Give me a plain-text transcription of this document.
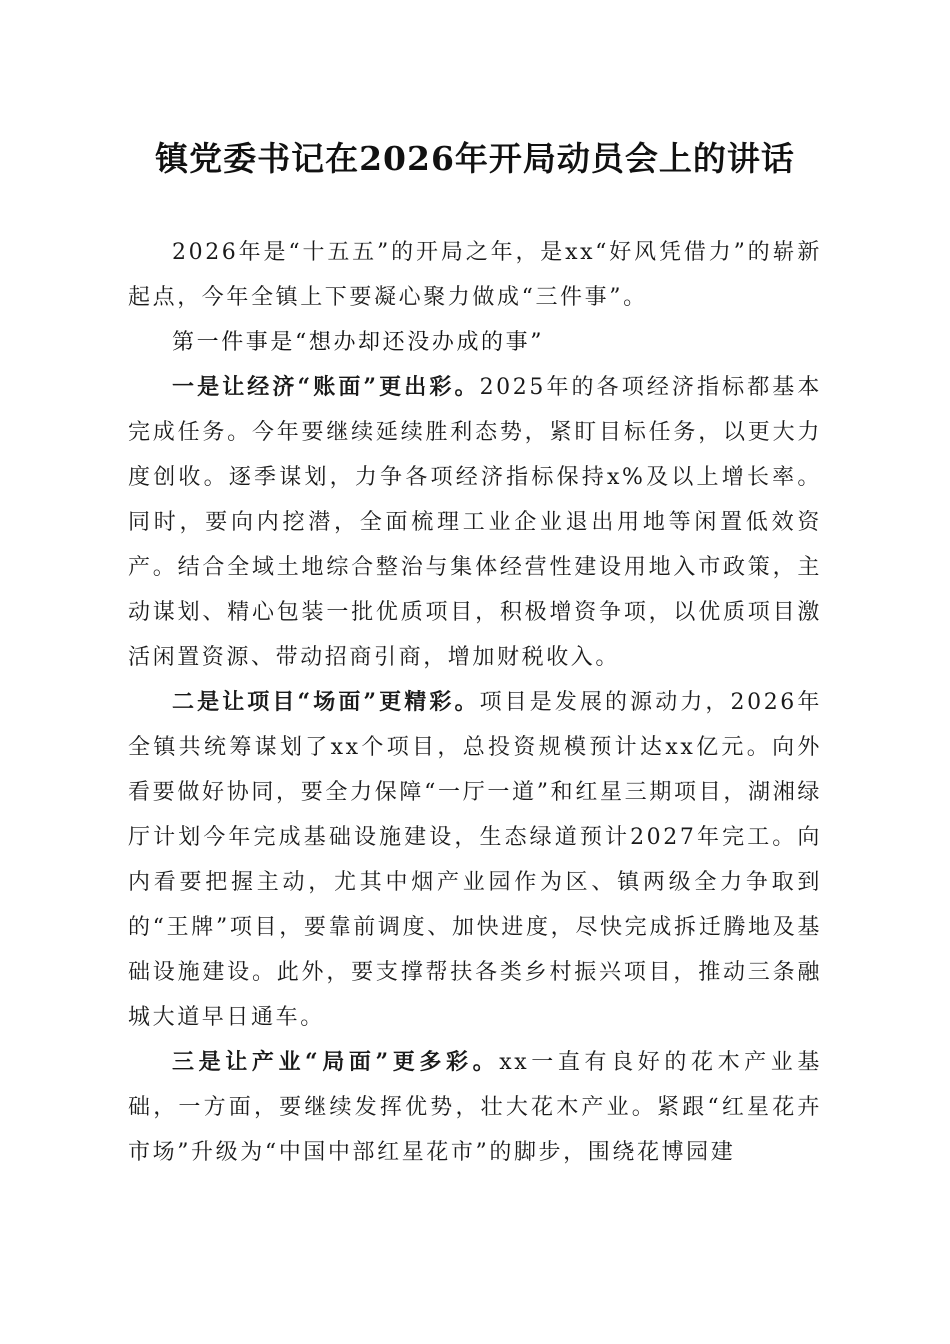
镇党委书记在2026年开局动员会上的讲话

2026年是“十五五”的开局之年，是xx“好风凭借力”的崭新起点，今年全镇上下要凝心聚力做成“三件事”。

第一件事是“想办却还没办成的事”

一是让经济“账面”更出彩。2025年的各项经济指标都基本完成任务。今年要继续延续胜利态势，紧盯目标任务，以更大力度创收。逐季谋划，力争各项经济指标保持x%及以上增长率。同时，要向内挖潜，全面梳理工业企业退出用地等闲置低效资产。结合全域土地综合整治与集体经营性建设用地入市政策，主动谋划、精心包装一批优质项目，积极增资争项，以优质项目激活闲置资源、带动招商引商，增加财税收入。

二是让项目“场面”更精彩。项目是发展的源动力，2026年全镇共统筹谋划了xx个项目，总投资规模预计达xx亿元。向外看要做好协同，要全力保障“一厅一道”和红星三期项目，湖湘绿厅计划今年完成基础设施建设，生态绿道预计2027年完工。向内看要把握主动，尤其中烟产业园作为区、镇两级全力争取到的“王牌”项目，要靠前调度、加快进度，尽快完成拆迁腾地及基础设施建设。此外，要支撑帮扶各类乡村振兴项目，推动三条融城大道早日通车。

三是让产业“局面”更多彩。xx一直有良好的花木产业基础，一方面，要继续发挥优势，壮大花木产业。紧跟“红星花卉市场”升级为“中国中部红星花市”的脚步，围绕花博园建
